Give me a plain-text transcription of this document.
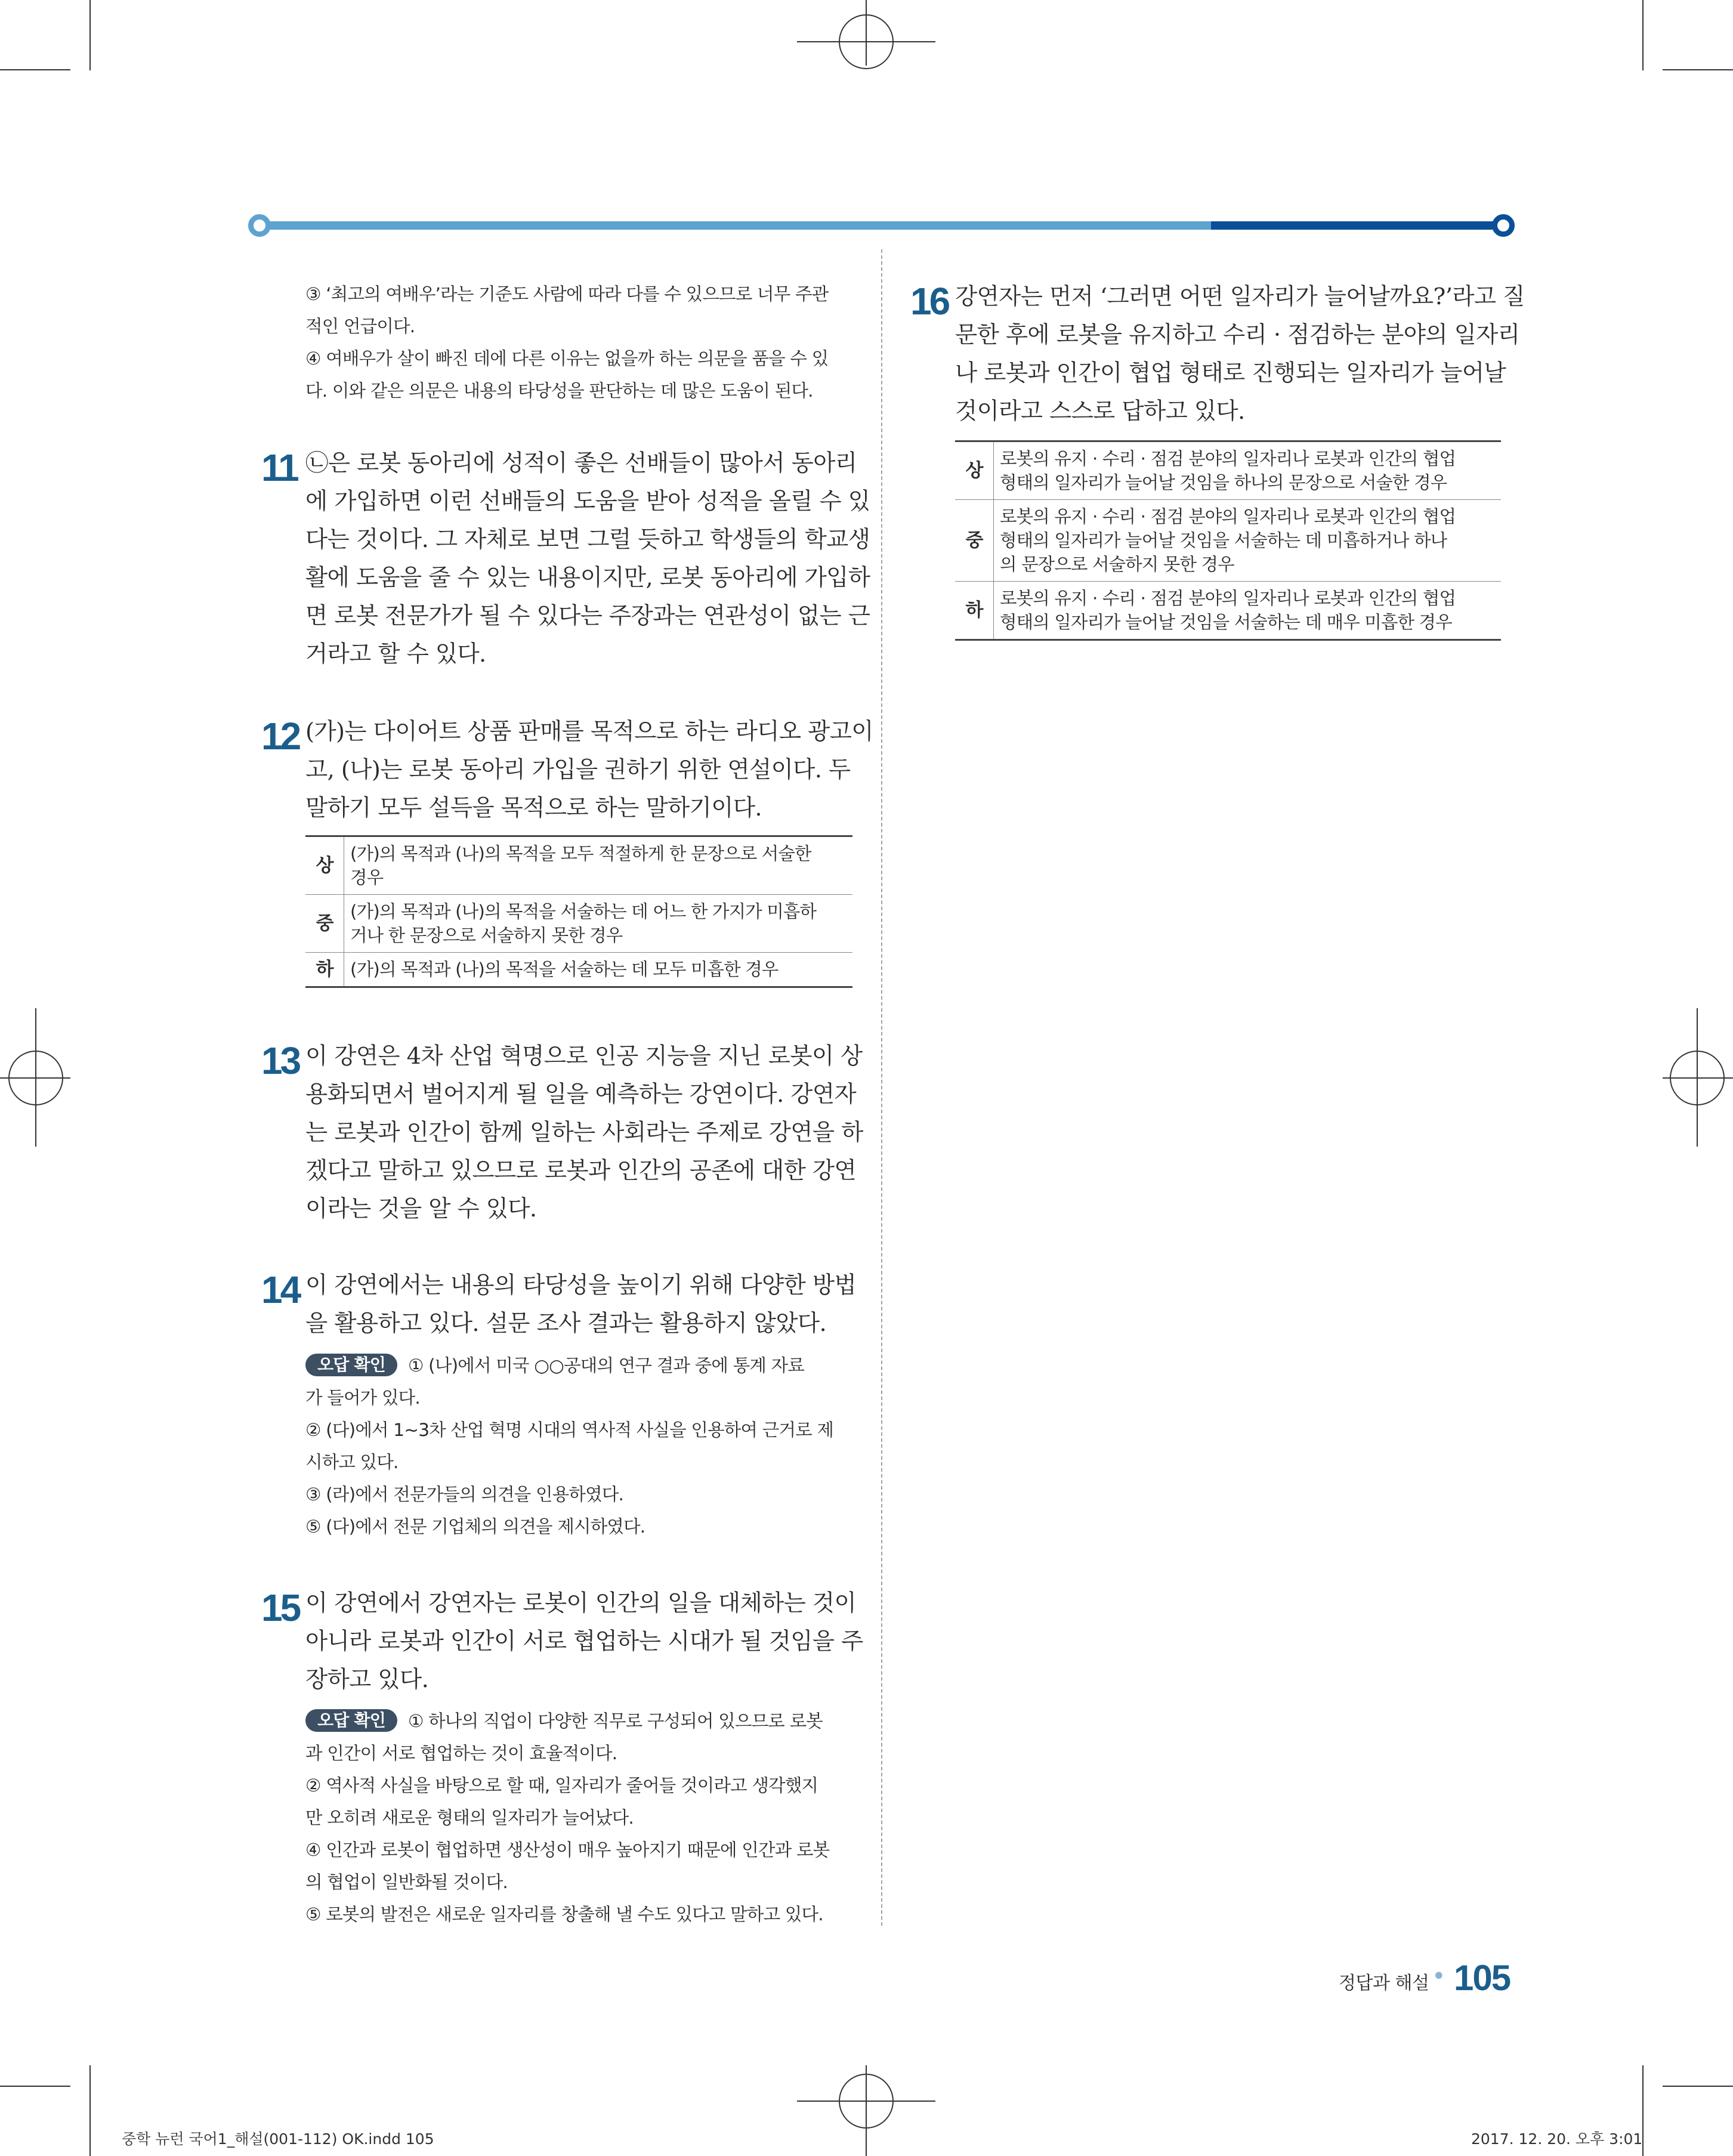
③ ‘최고의 여배우’라는 기준도 사람에 따라 다를 수 있으므로 너무 주관

적인 언급이다.

④ 여배우가 살이 빠진 데에 다른 이유는 없을까 하는 의문을 품을 수 있

다. 이와 같은 의문은 내용의 타당성을 판단하는 데 많은 도움이 된다.

11 ㉡은 로봇 동아리에 성적이 좋은 선배들이 많아서 동아리
에 가입하면 이런 선배들의 도움을 받아 성적을 올릴 수 있
다는 것이다. 그 자체로 보면 그럴 듯하고 학생들의 학교생
활에 도움을 줄 수 있는 내용이지만, 로봇 동아리에 가입하
면 로봇 전문가가 될 수 있다는 주장과는 연관성이 없는 근
거라고 할 수 있다.
12 (가)는 다이어트 상품 판매를 목적으로 하는 라디오 광고이
고, (나)는 로봇 동아리 가입을 권하기 위한 연설이다. 두
말하기 모두 설득을 목적으로 하는 말하기이다.
상	(가)의 목적과 (나)의 목적을 모두 적절하게 한 문장으로 서술한
경우

중	(가)의 목적과 (나)의 목적을 서술하는 데 어느 한 가지가 미흡하
거나 한 문장으로 서술하지 못한 경우

하	(가)의 목적과 (나)의 목적을 서술하는 데 모두 미흡한 경우
13 이 강연은 4차 산업 혁명으로 인공 지능을 지닌 로봇이 상
용화되면서 벌어지게 될 일을 예측하는 강연이다. 강연자
는 로봇과 인간이 함께 일하는 사회라는 주제로 강연을 하
겠다고 말하고 있으므로 로봇과 인간의 공존에 대한 강연
이라는 것을 알 수 있다.
14 이 강연에서는 내용의 타당성을 높이기 위해 다양한 방법
을 활용하고 있다. 설문 조사 결과는 활용하지 않았다.

오답 확인 ① (나)에서 미국 ○○공대의 연구 결과 중에 통계 자료

가 들어가 있다.

② (다)에서 1~3차 산업 혁명 시대의 역사적 사실을 인용하여 근거로 제

시하고 있다.

③ (라)에서 전문가들의 의견을 인용하였다.

⑤ (다)에서 전문 기업체의 의견을 제시하였다.

15 이 강연에서 강연자는 로봇이 인간의 일을 대체하는 것이
아니라 로봇과 인간이 서로 협업하는 시대가 될 것임을 주
장하고 있다.

오답 확인 ① 하나의 직업이 다양한 직무로 구성되어 있으므로 로봇

과 인간이 서로 협업하는 것이 효율적이다.

② 역사적 사실을 바탕으로 할 때, 일자리가 줄어들 것이라고 생각했지

만 오히려 새로운 형태의 일자리가 늘어났다.

④ 인간과 로봇이 협업하면 생산성이 매우 높아지기 때문에 인간과 로봇

의 협업이 일반화될 것이다.

⑤ 로봇의 발전은 새로운 일자리를 창출해 낼 수도 있다고 말하고 있다.

16 강연자는 먼저 ‘그러면 어떤 일자리가 늘어날까요?’라고 질
문한 후에 로봇을 유지하고 수리 · 점검하는 분야의 일자리
나 로봇과 인간이 협업 형태로 진행되는 일자리가 늘어날
것이라고 스스로 답하고 있다.
상	로봇의 유지 · 수리 · 점검 분야의 일자리나 로봇과 인간의 협업
형태의 일자리가 늘어날 것임을 하나의 문장으로 서술한 경우

중	로봇의 유지 · 수리 · 점검 분야의 일자리나 로봇과 인간의 협업
형태의 일자리가 늘어날 것임을 서술하는 데 미흡하거나 하나
의 문장으로 서술하지 못한 경우

하	로봇의 유지 · 수리 · 점검 분야의 일자리나 로봇과 인간의 협업
형태의 일자리가 늘어날 것임을 서술하는 데 매우 미흡한 경우
정답과 해설 • 105
중학 뉴런 국어1_해설(001-112) OK.indd 105	2017. 12. 20. 오후 3:01
